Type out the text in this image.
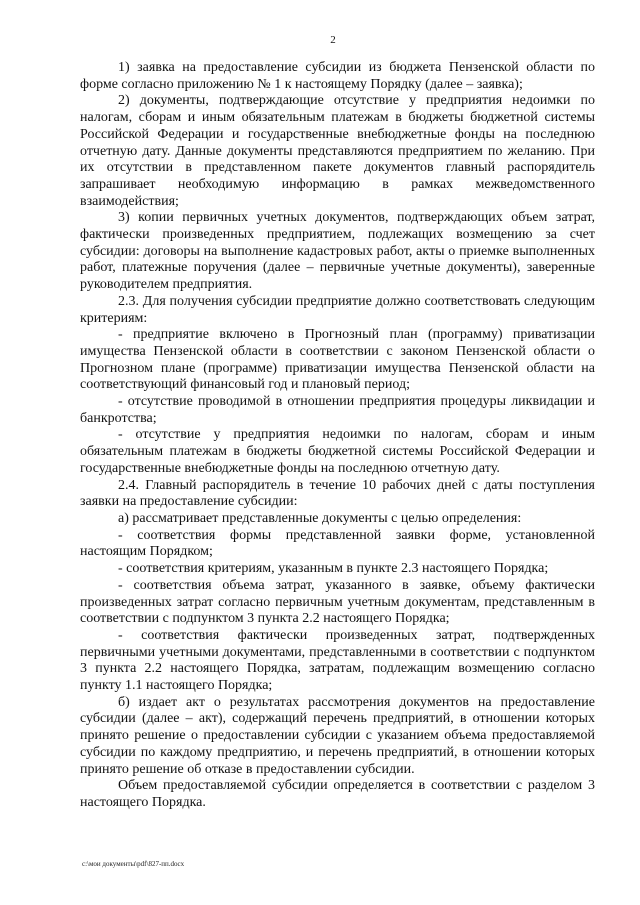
2

1) заявка на предоставление субсидии из бюджета Пензенской области по форме согласно приложению № 1 к настоящему Порядку (далее – заявка);

2) документы, подтверждающие отсутствие у предприятия недоимки по налогам, сборам и иным обязательным платежам в бюджеты бюджетной системы Российской Федерации и государственные внебюджетные фонды на последнюю отчетную дату. Данные документы представляются предприятием по желанию. При их отсутствии в представленном пакете документов главный распорядитель запрашивает необходимую информацию в рамках межведомственного взаимодействия;

3) копии первичных учетных документов, подтверждающих объем затрат, фактически произведенных предприятием, подлежащих возмещению за счет субсидии: договоры на выполнение кадастровых работ, акты о приемке выполненных работ, платежные поручения (далее – первичные учетные документы), заверенные руководителем предприятия.

2.3. Для получения субсидии предприятие должно соответствовать следующим критериям:

- предприятие включено в Прогнозный план (программу) приватизации имущества Пензенской области в соответствии с законом Пензенской области о Прогнозном плане (программе) приватизации имущества Пензенской области на соответствующий финансовый год и плановый период;

- отсутствие проводимой в отношении предприятия процедуры ликвидации и банкротства;

- отсутствие у предприятия недоимки по налогам, сборам и иным обязательным платежам в бюджеты бюджетной системы Российской Федерации и государственные внебюджетные фонды на последнюю отчетную дату.

2.4. Главный распорядитель в течение 10 рабочих дней с даты поступления заявки на предоставление субсидии:

а) рассматривает представленные документы с целью определения:

- соответствия формы представленной заявки форме, установленной настоящим Порядком;

- соответствия критериям, указанным в пункте 2.3 настоящего Порядка;

- соответствия объема затрат, указанного в заявке, объему фактически произведенных затрат согласно первичным учетным документам, представленным в соответствии с подпунктом 3 пункта 2.2 настоящего Порядка;

- соответствия фактически произведенных затрат, подтвержденных первичными учетными документами, представленными в соответствии с подпунктом 3 пункта 2.2 настоящего Порядка, затратам, подлежащим возмещению согласно пункту 1.1 настоящего Порядка;

б) издает акт о результатах рассмотрения документов на предоставление субсидии (далее – акт), содержащий перечень предприятий, в отношении которых принято решение о предоставлении субсидии с указанием объема предоставляемой субсидии по каждому предприятию, и перечень предприятий, в отношении которых принято решение об отказе в предоставлении субсидии.

Объем предоставляемой субсидии определяется в соответствии с разделом 3 настоящего Порядка.

c:\мои документы\pdf\827-пп.docx
